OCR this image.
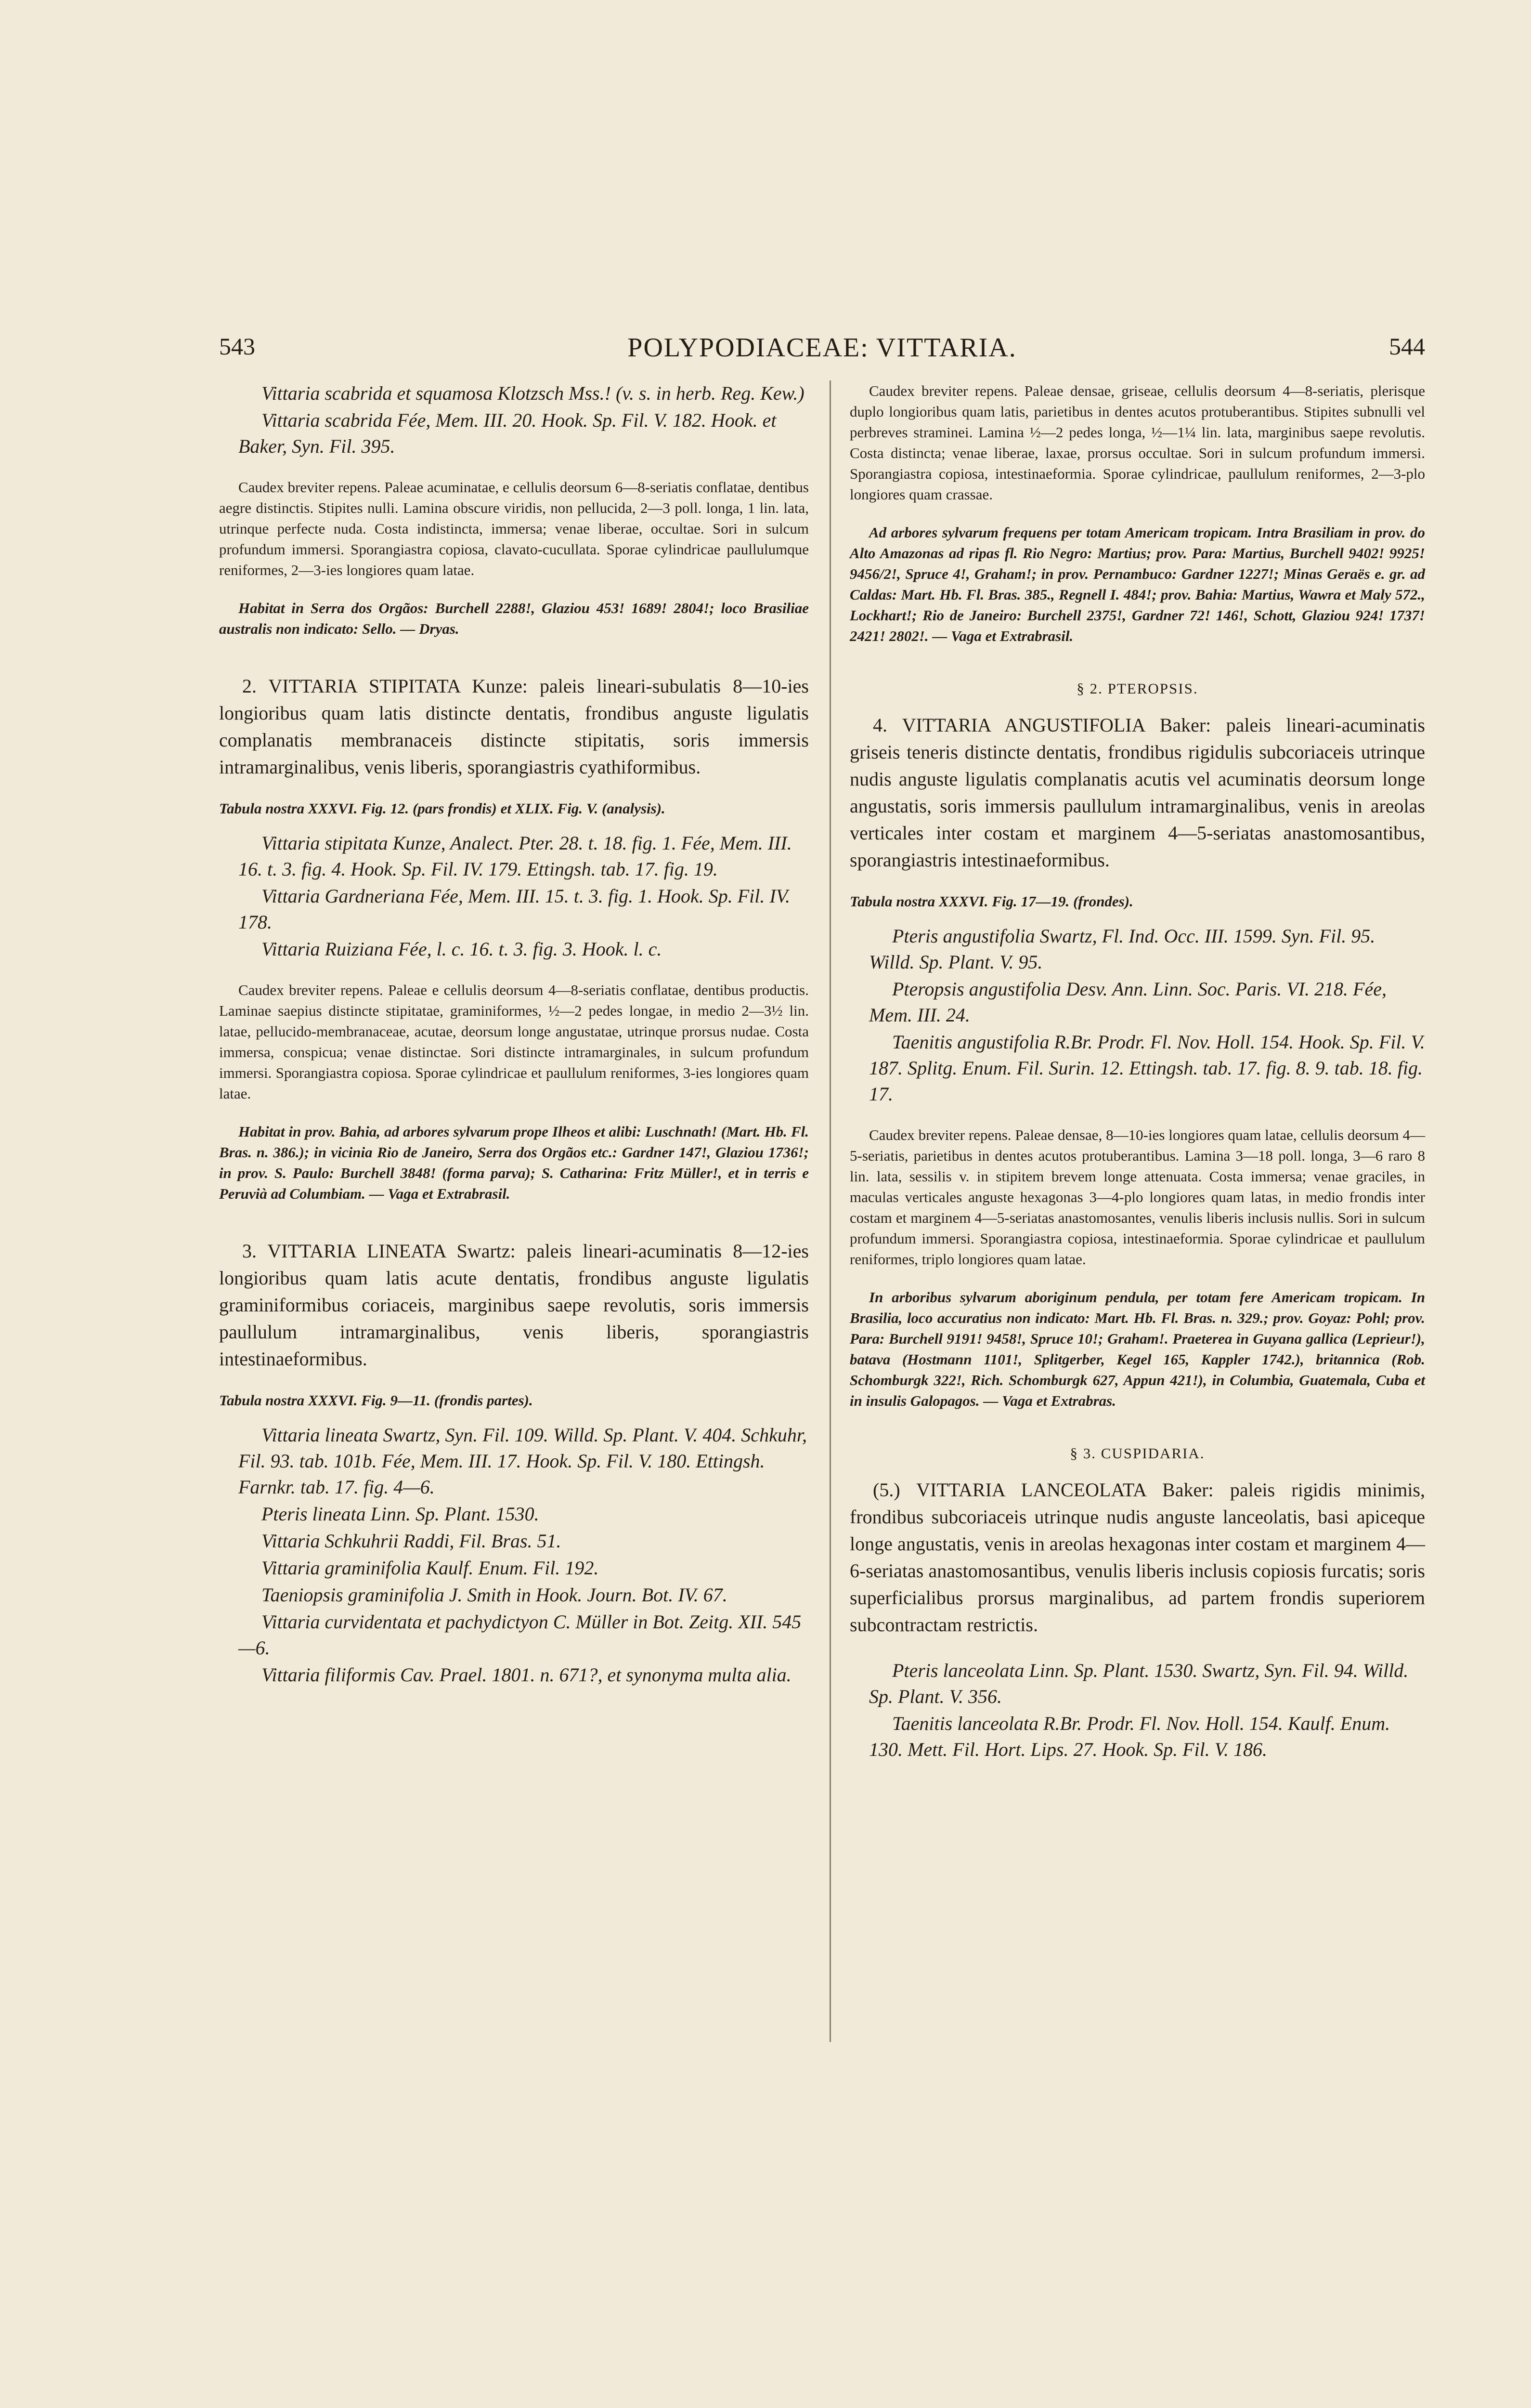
543	POLYPODIACEAE: VITTARIA.	544

Vittaria scabrida et squamosa Klotzsch Mss.! (v. s. in herb. Reg. Kew.)

Vittaria scabrida Fée, Mem. III. 20. Hook. Sp. Fil. V. 182. Hook. et Baker, Syn. Fil. 395.

Caudex breviter repens. Paleae acuminatae, e cellulis deorsum 6—8-seriatis conflatae, dentibus aegre distinctis. Stipites nulli. Lamina obscure viridis, non pellucida, 2—3 poll. longa, 1 lin. lata, utrinque perfecte nuda. Costa indistincta, immersa; venae liberae, occultae. Sori in sulcum profundum immersi. Sporangiastra copiosa, clavato-cucullata. Sporae cylindricae paullulumque reniformes, 2—3-ies longiores quam latae.

Habitat in Serra dos Orgãos: Burchell 2288!, Glaziou 453! 1689! 2804!; loco Brasiliae australis non indicato: Sello. — Dryas.

2. VITTARIA STIPITATA Kunze: paleis lineari-subulatis 8—10-ies longioribus quam latis distincte dentatis, frondibus anguste ligulatis complanatis membranaceis distincte stipitatis, soris immersis intramarginalibus, venis liberis, sporangiastris cyathiformibus.

Tabula nostra XXXVI. Fig. 12. (pars frondis) et XLIX. Fig. V. (analysis).

Vittaria stipitata Kunze, Analect. Pter. 28. t. 18. fig. 1. Fée, Mem. III. 16. t. 3. fig. 4. Hook. Sp. Fil. IV. 179. Ettingsh. tab. 17. fig. 19.

Vittaria Gardneriana Fée, Mem. III. 15. t. 3. fig. 1. Hook. Sp. Fil. IV. 178.

Vittaria Ruiziana Fée, l. c. 16. t. 3. fig. 3. Hook. l. c.

Caudex breviter repens. Paleae e cellulis deorsum 4—8-seriatis conflatae, dentibus productis. Laminae saepius distincte stipitatae, graminiformes, ½—2 pedes longae, in medio 2—3½ lin. latae, pellucido-membranaceae, acutae, deorsum longe angustatae, utrinque prorsus nudae. Costa immersa, conspicua; venae distinctae. Sori distincte intramarginales, in sulcum profundum immersi. Sporangiastra copiosa. Sporae cylindricae et paullulum reniformes, 3-ies longiores quam latae.

Habitat in prov. Bahia, ad arbores sylvarum prope Ilheos et alibi: Luschnath! (Mart. Hb. Fl. Bras. n. 386.); in vicinia Rio de Janeiro, Serra dos Orgãos etc.: Gardner 147!, Glaziou 1736!; in prov. S. Paulo: Burchell 3848! (forma parva); S. Catharina: Fritz Müller!, et in terris e Peruvià ad Columbiam. — Vaga et Extrabrasil.

3. VITTARIA LINEATA Swartz: paleis lineari-acuminatis 8—12-ies longioribus quam latis acute dentatis, frondibus anguste ligulatis graminiformibus coriaceis, marginibus saepe revolutis, soris immersis paullulum intramarginalibus, venis liberis, sporangiastris intestinaeformibus.

Tabula nostra XXXVI. Fig. 9—11. (frondis partes).

Vittaria lineata Swartz, Syn. Fil. 109. Willd. Sp. Plant. V. 404. Schkuhr, Fil. 93. tab. 101b. Fée, Mem. III. 17. Hook. Sp. Fil. V. 180. Ettingsh. Farnkr. tab. 17. fig. 4—6.

Pteris lineata Linn. Sp. Plant. 1530.

Vittaria Schkuhrii Raddi, Fil. Bras. 51.

Vittaria graminifolia Kaulf. Enum. Fil. 192.

Taeniopsis graminifolia J. Smith in Hook. Journ. Bot. IV. 67.

Vittaria curvidentata et pachydictyon C. Müller in Bot. Zeitg. XII. 545—6.

Vittaria filiformis Cav. Prael. 1801. n. 671?, et synonyma multa alia.

Caudex breviter repens. Paleae densae, griseae, cellulis deorsum 4—8-seriatis, plerisque duplo longioribus quam latis, parietibus in dentes acutos protuberantibus. Stipites subnulli vel perbreves straminei. Lamina ½—2 pedes longa, ½—1¼ lin. lata, marginibus saepe revolutis. Costa distincta; venae liberae, laxae, prorsus occultae. Sori in sulcum profundum immersi. Sporangiastra copiosa, intestinaeformia. Sporae cylindricae, paullulum reniformes, 2—3-plo longiores quam crassae.

Ad arbores sylvarum frequens per totam Americam tropicam. Intra Brasiliam in prov. do Alto Amazonas ad ripas fl. Rio Negro: Martius; prov. Para: Martius, Burchell 9402! 9925! 9456/2!, Spruce 4!, Graham!; in prov. Pernambuco: Gardner 1227!; Minas Geraës e. gr. ad Caldas: Mart. Hb. Fl. Bras. 385., Regnell I. 484!; prov. Bahia: Martius, Wawra et Maly 572., Lockhart!; Rio de Janeiro: Burchell 2375!, Gardner 72! 146!, Schott, Glaziou 924! 1737! 2421! 2802!. — Vaga et Extrabrasil.

§ 2. PTEROPSIS.

4. VITTARIA ANGUSTIFOLIA Baker: paleis lineari-acuminatis griseis teneris distincte dentatis, frondibus rigidulis subcoriaceis utrinque nudis anguste ligulatis complanatis acutis vel acuminatis deorsum longe angustatis, soris immersis paullulum intramarginalibus, venis in areolas verticales inter costam et marginem 4—5-seriatas anastomosantibus, sporangiastris intestinaeformibus.

Tabula nostra XXXVI. Fig. 17—19. (frondes).

Pteris angustifolia Swartz, Fl. Ind. Occ. III. 1599. Syn. Fil. 95. Willd. Sp. Plant. V. 95.

Pteropsis angustifolia Desv. Ann. Linn. Soc. Paris. VI. 218. Fée, Mem. III. 24.

Taenitis angustifolia R.Br. Prodr. Fl. Nov. Holl. 154. Hook. Sp. Fil. V. 187. Splitg. Enum. Fil. Surin. 12. Ettingsh. tab. 17. fig. 8. 9. tab. 18. fig. 17.

Caudex breviter repens. Paleae densae, 8—10-ies longiores quam latae, cellulis deorsum 4—5-seriatis, parietibus in dentes acutos protuberantibus. Lamina 3—18 poll. longa, 3—6 raro 8 lin. lata, sessilis v. in stipitem brevem longe attenuata. Costa immersa; venae graciles, in maculas verticales anguste hexagonas 3—4-plo longiores quam latas, in medio frondis inter costam et marginem 4—5-seriatas anastomosantes, venulis liberis inclusis nullis. Sori in sulcum profundum immersi. Sporangiastra copiosa, intestinaeformia. Sporae cylindricae et paullulum reniformes, triplo longiores quam latae.

In arboribus sylvarum aboriginum pendula, per totam fere Americam tropicam. In Brasilia, loco accuratius non indicato: Mart. Hb. Fl. Bras. n. 329.; prov. Goyaz: Pohl; prov. Para: Burchell 9191! 9458!, Spruce 10!; Graham!. Praeterea in Guyana gallica (Leprieur!), batava (Hostmann 1101!, Splitgerber, Kegel 165, Kappler 1742.), britannica (Rob. Schomburgk 322!, Rich. Schomburgk 627, Appun 421!), in Columbia, Guatemala, Cuba et in insulis Galopagos. — Vaga et Extrabras.

§ 3. CUSPIDARIA.

(5.) VITTARIA LANCEOLATA Baker: paleis rigidis minimis, frondibus subcoriaceis utrinque nudis anguste lanceolatis, basi apiceque longe angustatis, venis in areolas hexagonas inter costam et marginem 4—6-seriatas anastomosantibus, venulis liberis inclusis copiosis furcatis; soris superficialibus prorsus marginalibus, ad partem frondis superiorem subcontractam restrictis.

Pteris lanceolata Linn. Sp. Plant. 1530. Swartz, Syn. Fil. 94. Willd. Sp. Plant. V. 356.

Taenitis lanceolata R.Br. Prodr. Fl. Nov. Holl. 154. Kaulf. Enum. 130. Mett. Fil. Hort. Lips. 27. Hook. Sp. Fil. V. 186.
